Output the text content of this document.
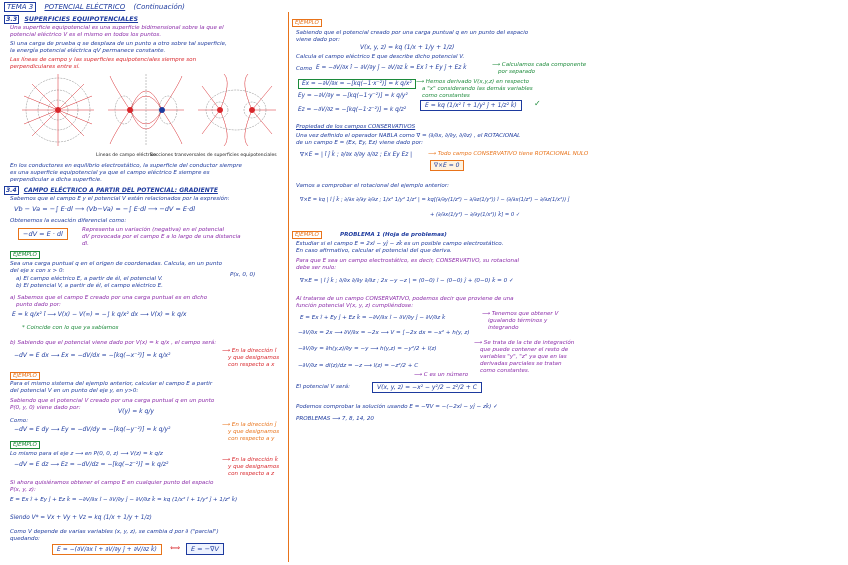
TEMA 3 POTENCIAL ELÉCTRICO (Continuación)
3.3 SUPERFICIES EQUIPOTENCIALES
Una superficie equipotencial es una superficie bidimensional sobre la que el
potencial eléctrico V es el mismo en todos los puntos.
Si una carga de prueba q se desplaza de un punto a otro sobre tal superficie,
la energía potencial eléctrica qV permanece constante.
Las líneas de campo y las superficies equipotenciales siempre son
perpendiculares entre sí.
Líneas de campo eléctrico
Secciones transversales de superficies equipotenciales
En los conductores en equilibrio electrostático, la superficie del conductor siempre
es una superficie equipotencial ya que el campo eléctrico E siempre es
perpendicular a dicha superficie.
3.4 CAMPO ELÉCTRICO A PARTIR DEL POTENCIAL: GRADIENTE
Sabemos que el campo E y el potencial V están relacionados por la expresión:
Vb − Va = −∫ E·dl ⟶ (Vb−Va) = −∫ E·dl ⟶ −dV = E·dl
Obtenemos la ecuación diferencial como:
−dV = E · dl	Representa un variación (negativa) en el potencial
dV provocada por el campo E a lo largo de una distancia
dl.
EJEMPLO
Sea una carga puntual q en el origen de coordenadas. Calcula, en un punto
del eje x con x > 0:
P(x, 0, 0)
a) El campo eléctrico E, a partir de él, el potencial V.
b) El potencial V, a partir de él, el campo eléctrico E.
a) Sabemos que el campo E creado por una carga puntual es en dicho
punto dado por:
E = k q/x² î ⟶ V(x) − V(∞) = −∫ k q/x² dx ⟶ V(x) = k q/x
* Coincide con lo que ya sabíamos
b) Sabiendo que el potencial viene dado por V(x) = k q/x , el campo será:
−dV = E dx ⟶ Ex = −dV/dx = −[kq(−x⁻²)] = k q/x²
⟶ En la dirección î
y que designamos
con respecto a x
EJEMPLO
Para el mismo sistema del ejemplo anterior, calcular el campo E a partir
del potencial V en un punto del eje y, en y>0:
Sabiendo que el potencial V creado por una carga puntual q en un punto
P(0, y, 0) viene dado por:	V(y) = k q/y
Como:
−dV = E dy ⟶ Ey = −dV/dy = −[kq(−y⁻²)] = k q/y²
⟶ En la dirección ĵ
y que designamos
con respecto a y
EJEMPLO
Lo mismo para el eje z ⟶ en P(0, 0, z) ⟶ V(z) = k q/z
−dV = E dz ⟶ Ez = −dV/dz = −[kq(−z⁻²)] = k q/z²
⟶ En la dirección k̂
y que designamos
con respecto a z
Si ahora quisiéramos obtener el campo E en cualquier punto del espacio
P(x, y, z):
E = Ex î + Ey ĵ + Ez k̂ = −∂V/∂x î − ∂V/∂y ĵ − ∂V/∂z k̂ = kq (1/x² î + 1/y² ĵ + 1/z² k̂)
Siendo V* = Vx + Vy + Vz = kq (1/x + 1/y + 1/z)
Como V depende de varias variables (x, y, z), se cambia d por ∂ ("parcial")
quedando:
E = −(∂V/∂x î + ∂V/∂y ĵ + ∂V/∂z k̂)	⟺	E = −∇V
EJEMPLO
Sabiendo que el potencial creado por una carga puntual q en un punto del espacio
viene dado por:
V(x, y, z) = kq (1/x + 1/y + 1/z)
Calcula el campo eléctrico E que describe dicho potencial V.
Como E = −∂V/∂x î − ∂V/∂y ĵ − ∂V/∂z k̂ = Ex î + Ey ĵ + Ez k̂	⟶ Calculamos cada componente
por separado
Ex = −∂V/∂x = −[kq(−1·x⁻²)] = k q/x²
Ey = −∂V/∂y = −[kq(−1·y⁻²)] = k q/y²
Ez = −∂V/∂z = −[kq(−1·z⁻²)] = k q/z²
⟶ Hemos derivado V(x,y,z) en respecto
a "x" considerando las demás variables
como constantes
E = kq (1/x² î + 1/y² ĵ + 1/z² k̂)	✓
Propiedad de los campos CONSERVATIVOS
Una vez definido el operador NABLA como ∇ = (∂/∂x, ∂/∂y, ∂/∂z) , el ROTACIONAL
de un campo E = (Ex, Ey, Ez) viene dado por:
∇×E = | î ĵ k̂ ; ∂/∂x ∂/∂y ∂/∂z ; Ex Ey Ez |	⟶ Todo campo CONSERVATIVO tiene ROTACIONAL NULO
∇×E = 0
Vamos a comprobar el rotacional del ejemplo anterior:
∇×E = kq | î ĵ k̂ ; ∂/∂x ∂/∂y ∂/∂z ; 1/x² 1/y² 1/z² | = kq[(∂/∂y(1/z²) − ∂/∂z(1/y²)) î − (∂/∂x(1/z²) − ∂/∂z(1/x²)) ĵ
+ (∂/∂x(1/y²) − ∂/∂y(1/x²)) k̂] = 0 ✓
EJEMPLO	PROBLEMA 1 (Hoja de problemas)
Estudiar si el campo E = 2xî − yĵ − zk̂ es un posible campo electrostático.
En caso afirmativo, calcular el potencial del que deriva.
Para que E sea un campo electrostático, es decir, CONSERVATIVO, su rotacional
debe ser nulo:
∇×E = | î ĵ k̂ ; ∂/∂x ∂/∂y ∂/∂z ; 2x −y −z | = (0−0) î − (0−0) ĵ + (0−0) k̂ = 0 ✓
Al tratarse de un campo CONSERVATIVO, podemos decir que proviene de una
función potencial V(x, y, z) cumpliéndose:
E = Ex î + Ey ĵ + Ez k̂ = −∂V/∂x î − ∂V/∂y ĵ − ∂V/∂z k̂
⟶ Tenemos que obtener V
igualando términos y
integrando
−∂V/∂x = 2x ⟶ ∂V/∂x = −2x ⟶ V = ∫−2x dx = −x² + h(y, z)
−∂V/∂y = ∂h(y,z)/∂y = −y ⟶ h(y,z) = −y²/2 + l(z)
⟶ Se trata de la cte de integración
que puede contener el resto de
variables "y", "z" ya que en las
derivadas parciales se tratan
como constantes.
−∂V/∂z = dl(z)/dz = −z ⟶ l(z) = −z²/2 + C
⟶ C es un número
El potencial V será:	V(x, y, z) = −x² − y²/2 − z²/2 + C
Podemos comprobar la solución usando E = −∇V = −(−2xî − yĵ − zk̂) ✓
PROBLEMAS ⟶ 7, 8, 14, 20
